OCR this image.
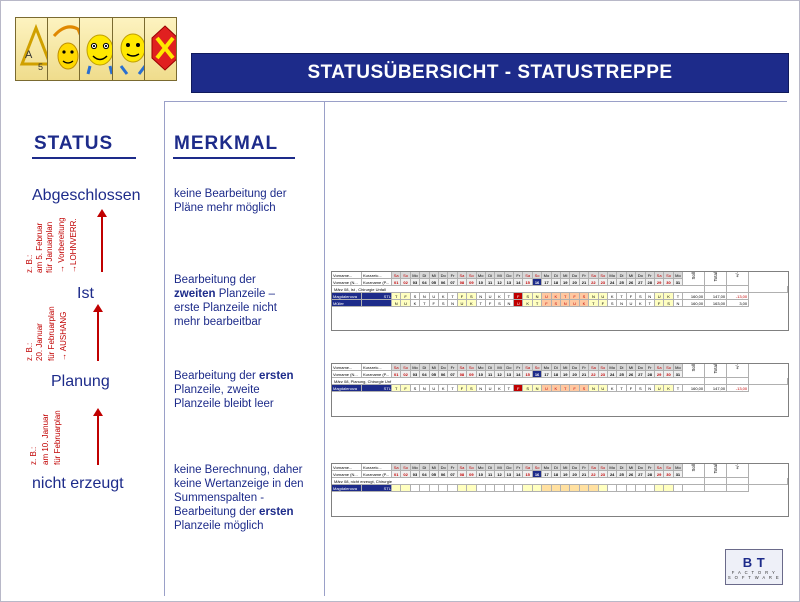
A
5	STATUSÜBERSICHT - STATUSTREPPE
STATUS	MERKMAL
Abgeschlossen
Ist
Planung
nicht erzeugt
z. B.: am 5. Februar für Januarplan → Vorbereitung →LOHNVERR.
z. B.: 20. Januar für Februarplan → AUSHANG
z. B.: am 10. Januar für Februarplan
keine Bearbeitung der
Pläne mehr möglich
Bearbeitung der
zweiten Planzeile –
erste Planzeile nicht
mehr bearbeitbar
Bearbeitung der ersten
Planzeile, zweite
Planzeile bleibt leer
keine Berechnung, daher
keine Wertanzeige in den
Summenspalten -
Bearbeitung der ersten
Planzeile möglich
Vorname...	Kurzzeic...	Sa	So	Mo	Di	Mi	Do	Fr	Sa	So	Mo	Di	Mi	Do	Fr	Sa	So	Mo	Di	Mi	Do	Fr	Sa	So	Mo	Di	Mi	Do	Fr	Sa	So	Mo	Soll	Total	+/-
Vorname (N...	Kurzname (P...	01	02	03	04	05	06	07	08	09	10	11	12	13	14	15	16	17	18	19	20	21	22	23	24	25	26	27	28	29	30	31
März 08, Ist , Chirurgie Unfall
Magdalenova	STL T	F	S	N	U	K	T	F	S	N	U	K	T	F	S	N	U	K	T	F	S	N	U	K	T	F	S	N	U	K	T	160,00	147,00	-13,00
Müller	N	U	K	T	F	S	N	U	K	T	F	S	N	U	K	T	F	S	N	U	K	T	F	S	N	U	K	T	F	S	N	160,00	163,00	3,00
Vorname...	Kurzzeic...	Sa	So	Mo	Di	Mi	Do	Fr	Sa	So	Mo	Di	Mi	Do	Fr	Sa	So	Mo	Di	Mi	Do	Fr	Sa	So	Mo	Di	Mi	Do	Fr	Sa	So	Mo	Soll	Total	+/-
Vorname (N...	Kurzname (P...	01	02	03	04	05	06	07	08	09	10	11	12	13	14	15	16	17	18	19	20	21	22	23	24	25	26	27	28	29	30	31
März 08, Planung, Chirurgie Unf
Magdalenova	STL T	F	S	N	U	K	T	F	S	N	U	K	T	F	S	N	U	K	T	F	S	N	U	K	T	F	S	N	U	K	T	160,00	147,00	-13,00
Vorname...	Kurzzeic...	Sa	So	Mo	Di	Mi	Do	Fr	Sa	So	Mo	Di	Mi	Do	Fr	Sa	So	Mo	Di	Mi	Do	Fr	Sa	So	Mo	Di	Mi	Do	Fr	Sa	So	Mo	Soll	Total	+/-
Vorname (N...	Kurzname (P...	01	02	03	04	05	06	07	08	09	10	11	12	13	14	15	16	17	18	19	20	21	22	23	24	25	26	27	28	29	30	31
März 08, nicht erzeugt, Chirurgie
Magdalenova	STL
B T
F A C T O R Y
S O F T W A R E
